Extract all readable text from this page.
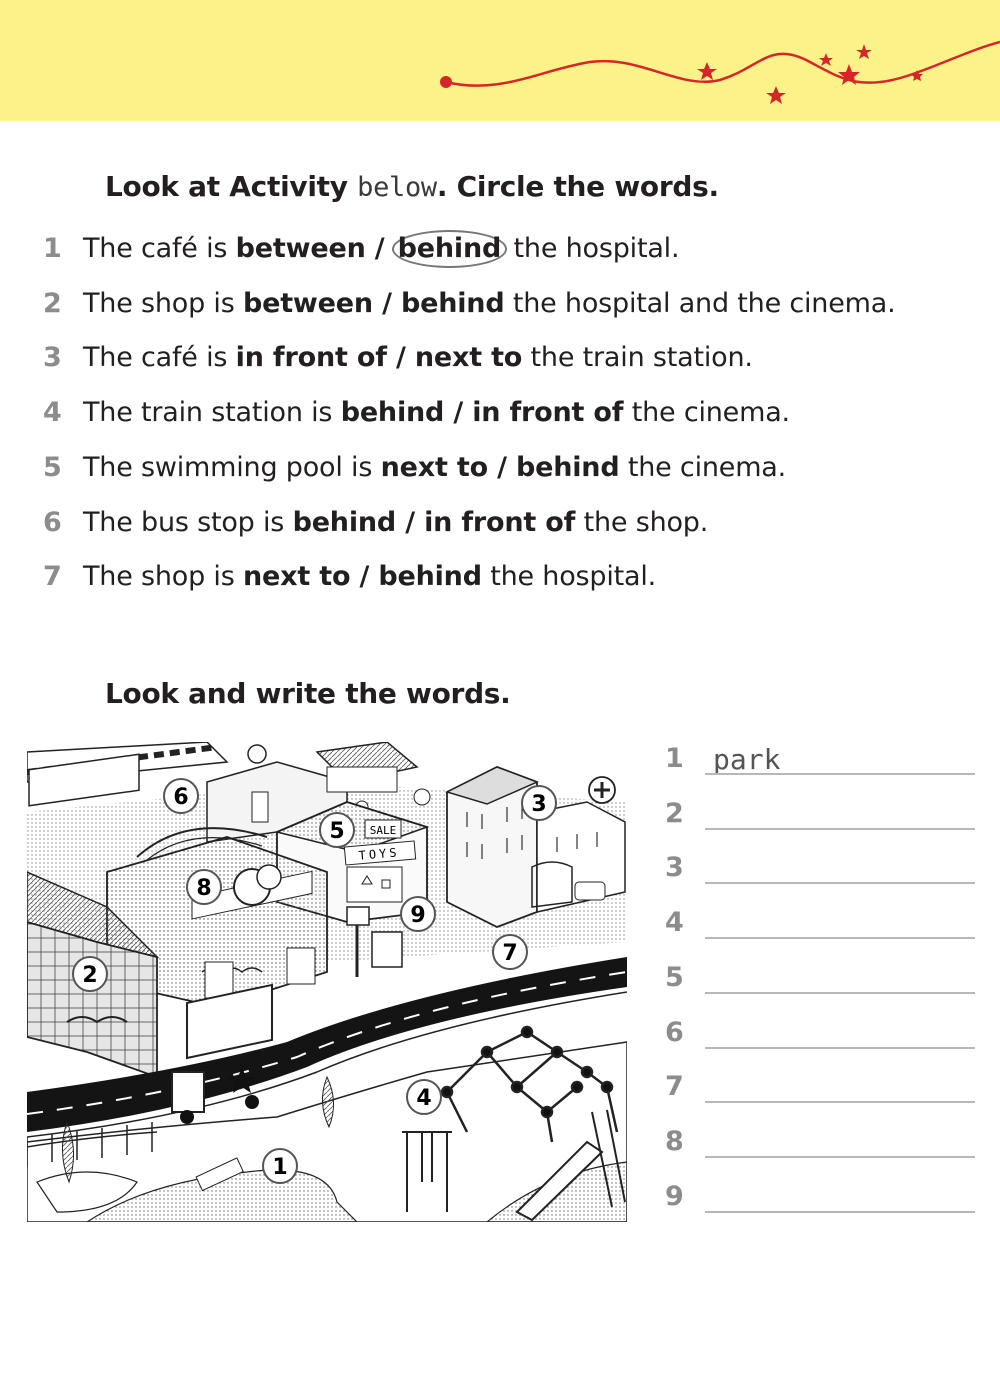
Look at Activity below. Circle the words.
1 The café is between / behind the hospital.
2 The shop is between / behind the hospital and the cinema.
3 The café is in front of / next to the train station.
4 The train station is behind / in front of the cinema.
5 The swimming pool is next to / behind the cinema.
6 The bus stop is behind / in front of the shop.
7 The shop is next to / behind the hospital.
Look and write the words.
SALE
TOYS
1
2
3
4
5
6
7
8
9
1 park
2
3
4
5
6
7
8
9
